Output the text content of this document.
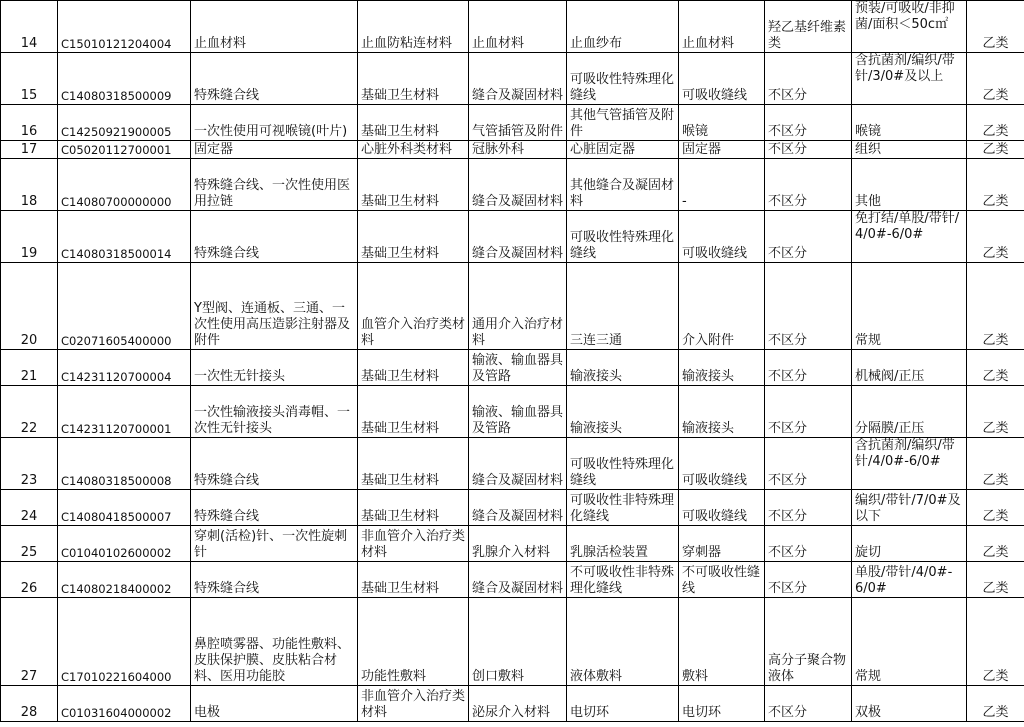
14	C15010121204004	止血材料	止血防粘连材料	止血材料	止血纱布	止血材料	羟乙基纤维素类	预装/可吸收/非抑菌/面积＜50c㎡	乙类
15	C14080318500009	特殊缝合线	基础卫生材料	缝合及凝固材料	可吸收性特殊理化缝线	可吸收缝线	不区分	含抗菌剂/编织/带针/3/0#及以上	乙类
16	C14250921900005	一次性使用可视喉镜(叶片)	基础卫生材料	气管插管及附件	其他气管插管及附件	喉镜	不区分	喉镜	乙类
17	C05020112700001	固定器	心脏外科类材料	冠脉外科	心脏固定器	固定器	不区分	组织	乙类
18	C14080700000000	特殊缝合线、一次性使用医用拉链	基础卫生材料	缝合及凝固材料	其他缝合及凝固材料	-	不区分	其他	乙类
19	C14080318500014	特殊缝合线	基础卫生材料	缝合及凝固材料	可吸收性特殊理化缝线	可吸收缝线	不区分	免打结/单股/带针/4/0#-6/0#	乙类
20	C02071605400000	Y型阀、连通板、三通、一次性使用高压造影注射器及附件	血管介入治疗类材料	通用介入治疗材料	三连三通	介入附件	不区分	常规	乙类
21	C14231120700004	一次性无针接头	基础卫生材料	输液、输血器具及管路	输液接头	输液接头	不区分	机械阀/正压	乙类
22	C14231120700001	一次性输液接头消毒帽、一次性无针接头	基础卫生材料	输液、输血器具及管路	输液接头	输液接头	不区分	分隔膜/正压	乙类
23	C14080318500008	特殊缝合线	基础卫生材料	缝合及凝固材料	可吸收性特殊理化缝线	可吸收缝线	不区分	含抗菌剂/编织/带针/4/0#-6/0#	乙类
24	C14080418500007	特殊缝合线	基础卫生材料	缝合及凝固材料	可吸收性非特殊理化缝线	可吸收缝线	不区分	编织/带针/7/0#及以下	乙类
25	C01040102600002	穿刺(活检)针、一次性旋刺针	非血管介入治疗类材料	乳腺介入材料	乳腺活检装置	穿刺器	不区分	旋切	乙类
26	C14080218400002	特殊缝合线	基础卫生材料	缝合及凝固材料	不可吸收性非特殊理化缝线	不可吸收性缝线	不区分	单股/带针/4/0#-6/0#	乙类
27	C17010221604000	鼻腔喷雾器、功能性敷料、皮肤保护膜、皮肤粘合材料、医用功能胶	功能性敷料	创口敷料	液体敷料	敷料	高分子聚合物液体	常规	乙类
28	C01031604000002	电极	非血管介入治疗类材料	泌尿介入材料	电切环	电切环	不区分	双极	乙类
